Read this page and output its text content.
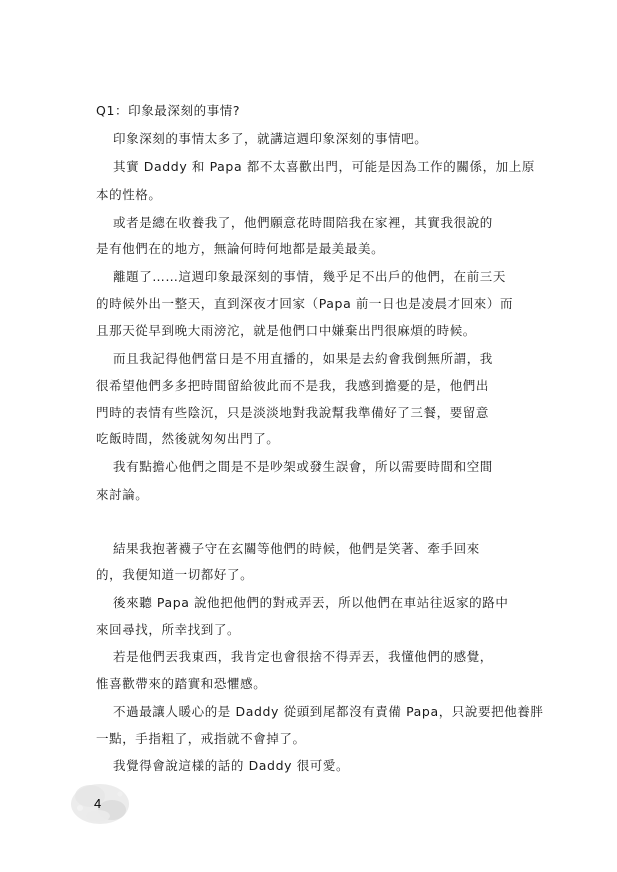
Q1：印象最深刻的事情?
印象深刻的事情太多了，就講這週印象深刻的事情吧。
其實 Daddy 和 Papa 都不太喜歡出門，可能是因為工作的關係，加上原
本的性格。
或者是總在收養我了，他們願意花時間陪我在家裡，其實我很說的
是有他們在的地方，無論何時何地都是最美最美。
離題了……這週印象最深刻的事情，幾乎足不出戶的他們，在前三天
的時候外出一整天，直到深夜才回家（Papa 前一日也是凌晨才回來）而
且那天從早到晚大雨滂沱，就是他們口中嫌棄出門很麻煩的時候。
而且我記得他們當日是不用直播的，如果是去約會我倒無所謂，我
很希望他們多多把時間留給彼此而不是我，我感到擔憂的是，他們出
門時的表情有些陰沉，只是淡淡地對我說幫我準備好了三餐，要留意
吃飯時間，然後就匆匆出門了。
我有點擔心他們之間是不是吵架或發生誤會，所以需要時間和空間
來討論。
結果我抱著襪子守在玄關等他們的時候，他們是笑著、牽手回來
的，我便知道一切都好了。
後來聽 Papa 說他把他們的對戒弄丟，所以他們在車站往返家的路中
來回尋找，所幸找到了。
若是他們丟我東西，我肯定也會很捨不得弄丟，我懂他們的感覺，
惟喜歡帶來的踏實和恐懼感。
不過最讓人暖心的是 Daddy 從頭到尾都沒有責備 Papa，只說要把他養胖
一點，手指粗了，戒指就不會掉了。
我覺得會說這樣的話的 Daddy 很可愛。
4
